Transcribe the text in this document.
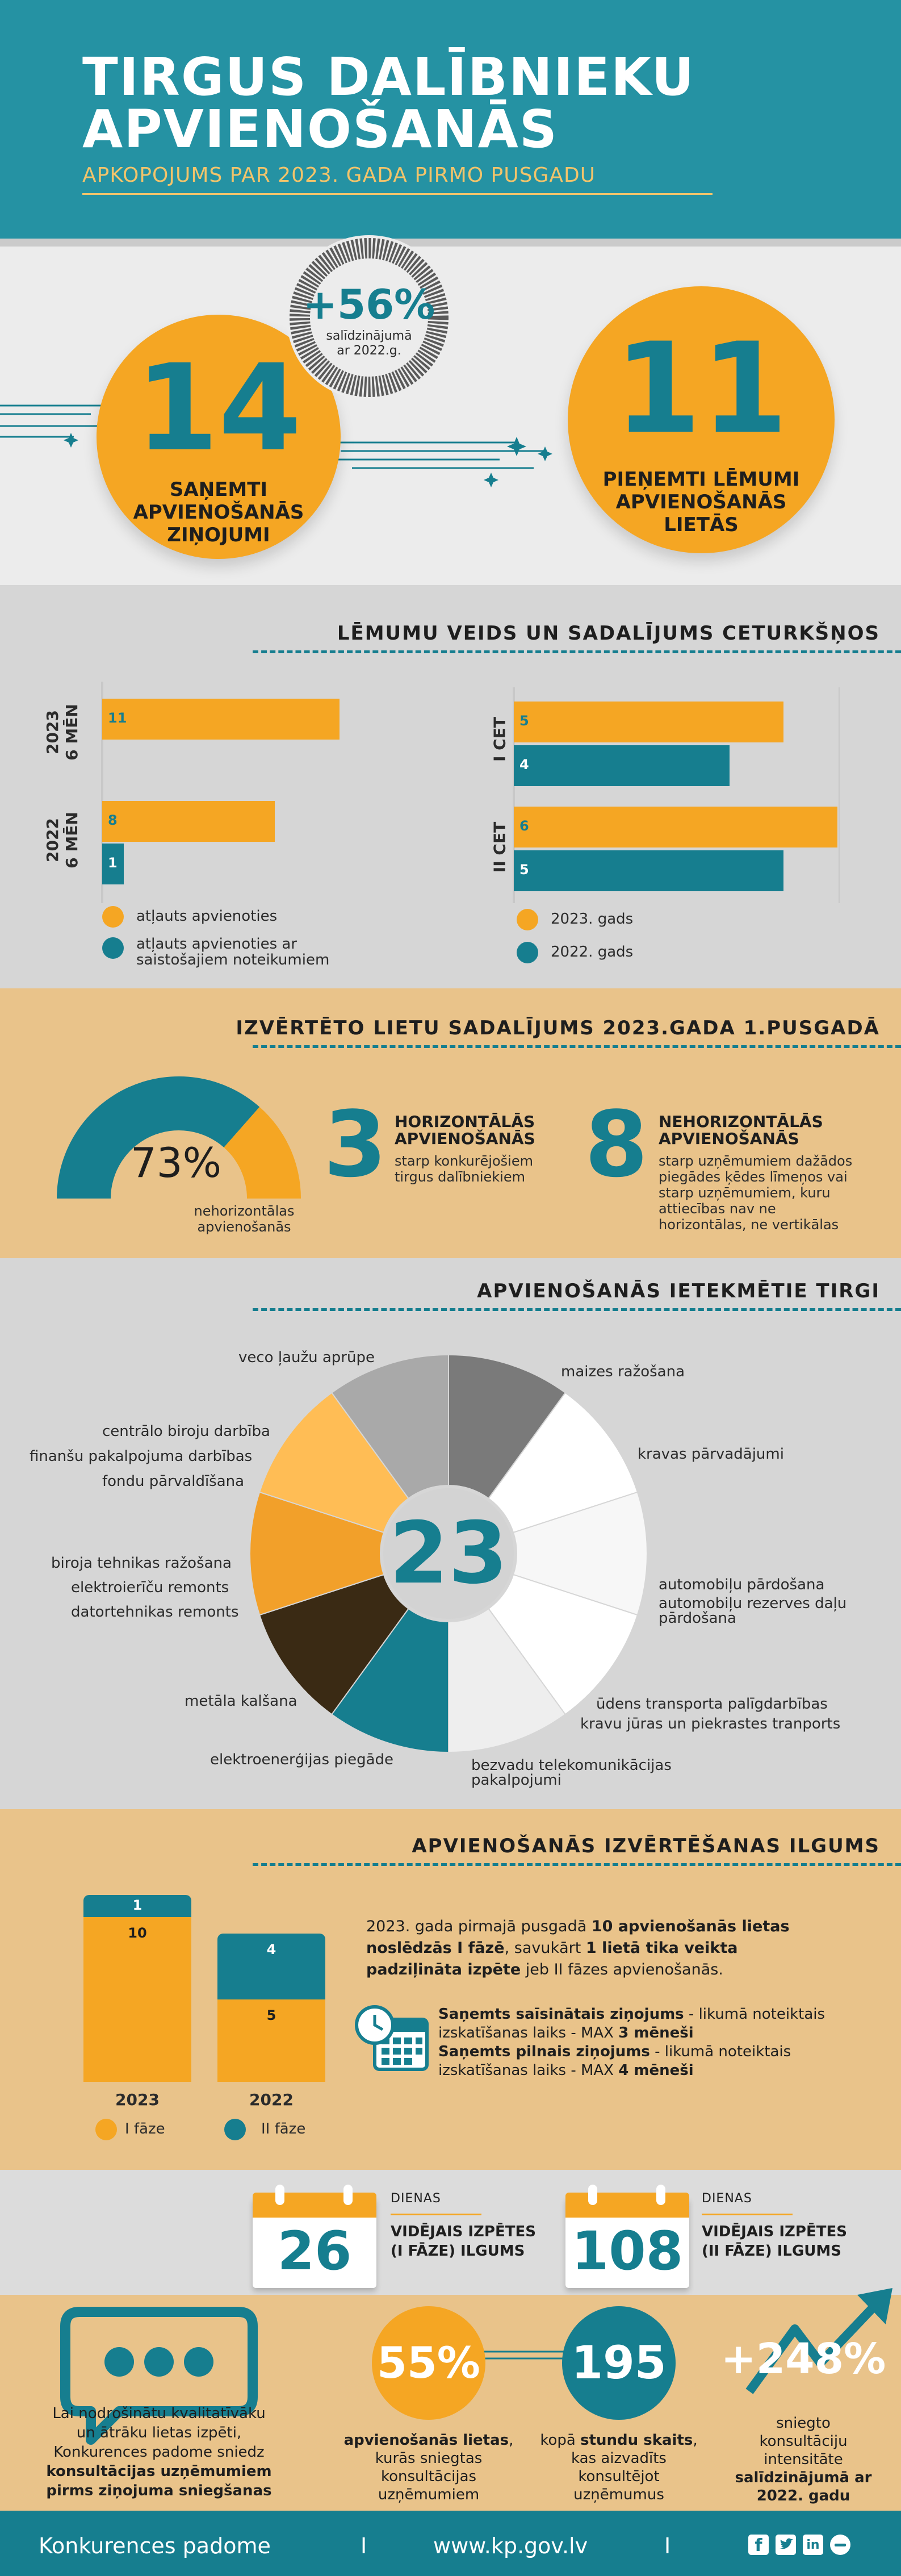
TIRGUS DALĪBNIEKU APVIENOŠANĀS
APKOPOJUMS PAR 2023. GADA PIRMO PUSGADU
14
SAŅEMTI
APVIENOŠANĀS
ZIŅOJUMI
+56%
salīdzinājumā
ar 2022.g.	11
PIEŅEMTI LĒMUMI
APVIENOŠANĀS
LIETĀS
LĒMUMU VEIDS UN SADALĪJUMS CETURKŠŅOS
2023 6 MĒN
2022 6 MĒN
11
8
1
atļauts apvienoties
atļauts apvienoties ar
saistošajiem noteikumiem
I CET
II CET
5
4
6
5
2023. gads
2022. gads
IZVĒRTĒTO LIETU SADALĪJUMS 2023.GADA 1.PUSGADĀ
73%
nehorizontālas
apvienošanās
3 HORIZONTĀLĀS
APVIENOŠANĀS
starp konkurējošiem
tirgus dalībniekiem 8 NEHORIZONTĀLĀS
APVIENOŠANĀS
starp uzņēmumiem dažādos
piegādes ķēdes līmeņos vai
starp uzņēmumiem, kuru
attiecības nav ne
horizontālas, ne vertikālas
APVIENOŠANĀS IETEKMĒTIE TIRGI
23
maizes ražošana
kravas pārvadājumi
automobiļu pārdošana
automobiļu rezerves daļu
pārdošana
ūdens transporta palīgdarbības
kravu jūras un piekrastes tranports
bezvadu telekomunikācijas
pakalpojumi
elektroenerģijas piegāde
metāla kalšana
biroja tehnikas ražošana
elektroierīču remonts
datortehnikas remonts
centrālo biroju darbība
finanšu pakalpojuma darbības
fondu pārvaldīšana
veco ļaužu aprūpe
APVIENOŠANĀS IZVĒRTĒŠANAS ILGUMS
1
10
4
5
2023	2022
I fāze	II fāze
2023. gada pirmajā pusgadā 10 apvienošanās lietas
noslēdzās I fāzē, savukārt 1 lietā tika veikta
padziļināta izpēte jeb II fāzes apvienošanās.
Saņemts saīsinātais ziņojums - likumā noteiktais
izskatīšanas laiks - MAX 3 mēneši
Saņemts pilnais ziņojums - likumā noteiktais
izskatīšanas laiks - MAX 4 mēneši
26
DIENAS
VIDĒJAIS IZPĒTES
(I FĀZE) ILGUMS 108
DIENAS
VIDĒJAIS IZPĒTES
(II FĀZE) ILGUMS
Lai nodrošinātu kvalitatīvāku
un ātrāku lietas izpēti,
Konkurences padome sniedz
konsultācijas uzņēmumiem
pirms ziņojuma sniegšanas
55%
apvienošanās lietas, kurās sniegtas
konsultācijas
uzņēmumiem
195
kopā stundu skaits,
kas aizvadīts
konsultējot
uzņēmumus
+248%
sniegto
konsultāciju
intensitāte
salīdzinājumā ar
2022. gadu
Konkurences padome	I	www.kp.gov.lv	I	f	in
